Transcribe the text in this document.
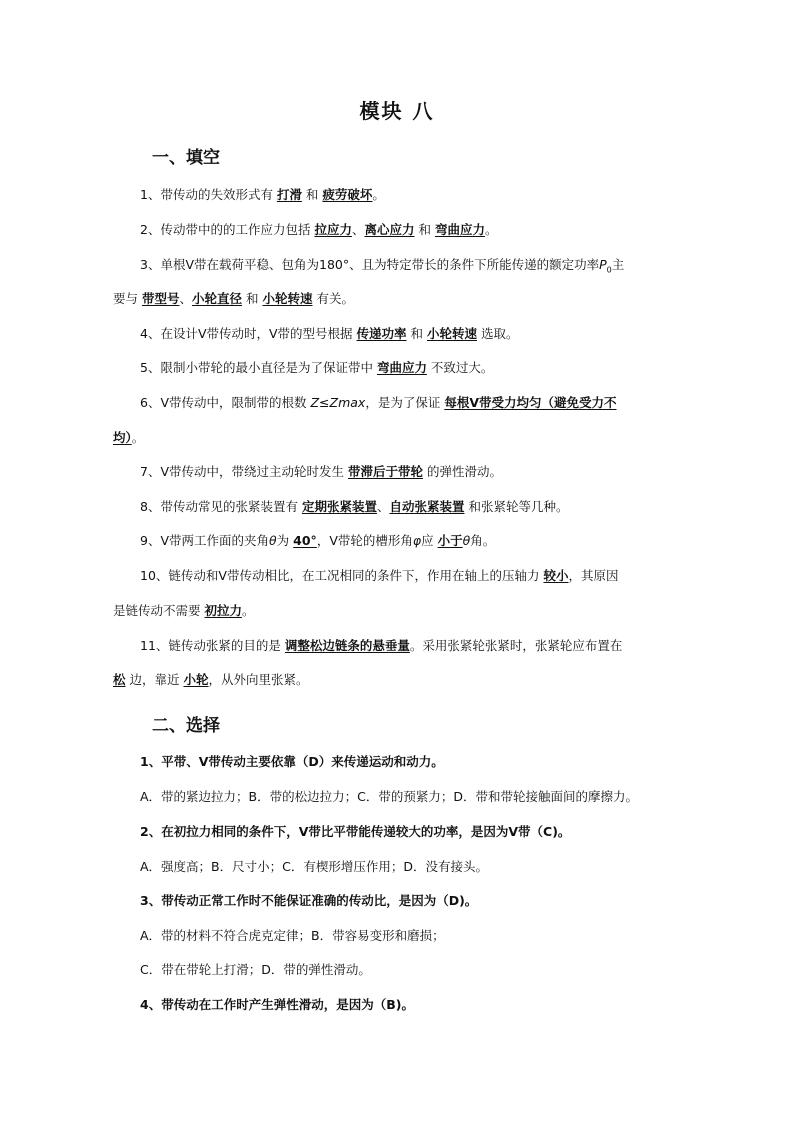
模块 八
一、填空

1、带传动的失效形式有 打滑 和 疲劳破坏。

2、传动带中的的工作应力包括 拉应力、离心应力 和 弯曲应力。

3、单根V带在载荷平稳、包角为180°、且为特定带长的条件下所能传递的额定功率$P_0$主

要与 带型号、小轮直径 和 小轮转速 有关。

4、在设计V带传动时，V带的型号根据 传递功率 和 小轮转速 选取。

5、限制小带轮的最小直径是为了保证带中 弯曲应力 不致过大。

6、V带传动中，限制带的根数 Z≤Zmax，是为了保证 每根V带受力均匀（避免受力不

均）。

7、V带传动中，带绕过主动轮时发生 带滞后于带轮 的弹性滑动。

8、带传动常见的张紧装置有 定期张紧装置、自动张紧装置 和张紧轮等几种。

9、V带两工作面的夹角θ为 40°，V带轮的槽形角φ应 小于θ角。

10、链传动和V带传动相比，在工况相同的条件下，作用在轴上的压轴力 较小，其原因

是链传动不需要 初拉力。

11、链传动张紧的目的是 调整松边链条的悬垂量。采用张紧轮张紧时，张紧轮应布置在

松 边，靠近 小轮，从外向里张紧。

二、选择

1、平带、V带传动主要依靠（D）来传递运动和动力。

A．带的紧边拉力；B．带的松边拉力；C．带的预紧力；D．带和带轮接触面间的摩擦力。

2、在初拉力相同的条件下，V带比平带能传递较大的功率，是因为V带（C)。

A．强度高；B．尺寸小；C．有楔形增压作用；D．没有接头。

3、带传动正常工作时不能保证准确的传动比，是因为（D)。

A．带的材料不符合虎克定律；B．带容易变形和磨损；

C．带在带轮上打滑；D．带的弹性滑动。

4、带传动在工作时产生弹性滑动，是因为（B)。
